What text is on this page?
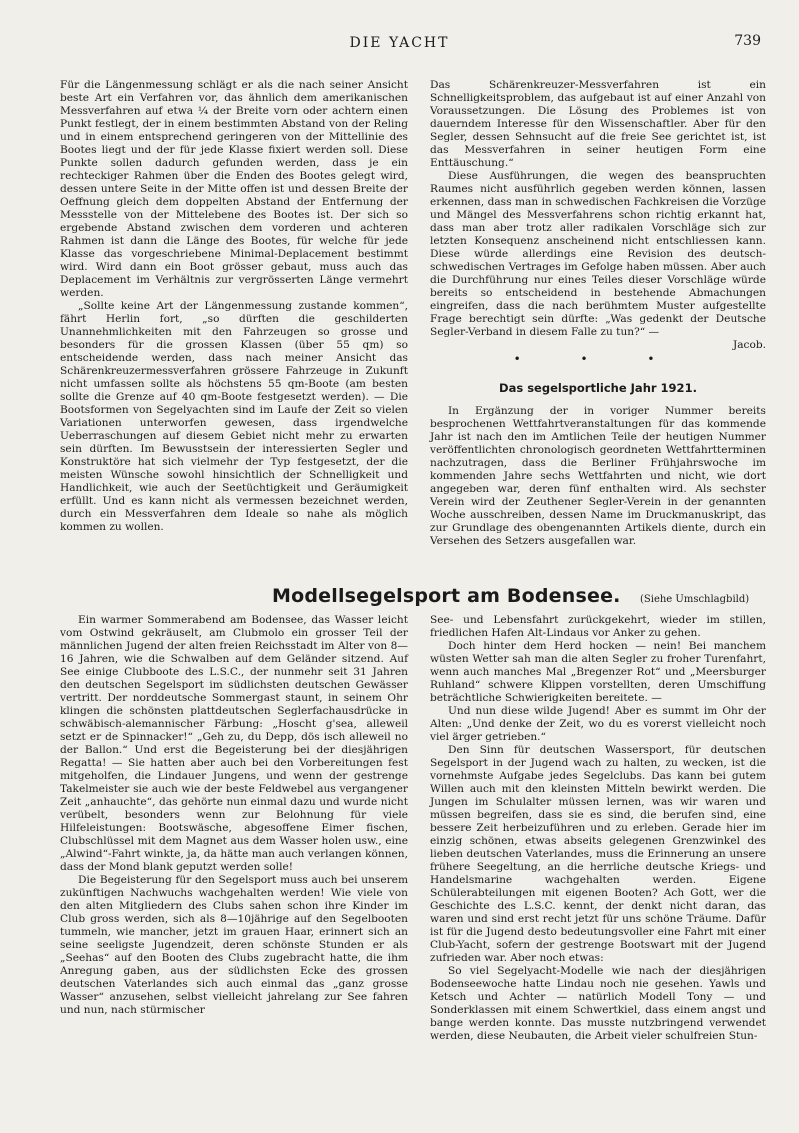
DIE YACHT	739

Für die Längenmessung schlägt er als die nach seiner Ansicht beste Art ein Verfahren vor, das ähnlich dem amerikanischen Messverfahren auf etwa ¼ der Breite vorn oder achtern einen Punkt festlegt, der in einem bestimmten Abstand von der Reling und in einem entsprechend geringeren von der Mittellinie des Bootes liegt und der für jede Klasse fixiert werden soll. Diese Punkte sollen dadurch gefunden werden, dass je ein rechteckiger Rahmen über die Enden des Bootes gelegt wird, dessen untere Seite in der Mitte offen ist und dessen Breite der Oeffnung gleich dem doppelten Abstand der Entfernung der Messstelle von der Mittelebene des Bootes ist. Der sich so ergebende Abstand zwischen dem vorderen und achteren Rahmen ist dann die Länge des Bootes, für welche für jede Klasse das vorgeschriebene Minimal-Deplacement bestimmt wird. Wird dann ein Boot grösser gebaut, muss auch das Deplacement im Verhältnis zur vergrösserten Länge vermehrt werden.

„Sollte keine Art der Längenmessung zustande kommen“, fährt Herlin fort, „so dürften die geschilderten Unannehmlichkeiten mit den Fahrzeugen so grosse und besonders für die grossen Klassen (über 55 qm) so entscheidende werden, dass nach meiner Ansicht das Schärenkreuzermessverfahren grössere Fahrzeuge in Zukunft nicht umfassen sollte als höchstens 55 qm-Boote (am besten sollte die Grenze auf 40 qm-Boote festgesetzt werden). — Die Bootsformen von Segelyachten sind im Laufe der Zeit so vielen Variationen unterworfen gewesen, dass irgendwelche Ueberraschungen auf diesem Gebiet nicht mehr zu erwarten sein dürften. Im Bewusstsein der interessierten Segler und Konstruktöre hat sich vielmehr der Typ festgesetzt, der die meisten Wünsche sowohl hinsichtlich der Schnelligkeit und Handlichkeit, wie auch der Seetüchtigkeit und Geräumigkeit erfüllt. Und es kann nicht als vermessen bezeichnet werden, durch ein Messverfahren dem Ideale so nahe als möglich kommen zu wollen.

Das Schärenkreuzer-Messverfahren ist ein Schnelligkeitsproblem, das aufgebaut ist auf einer Anzahl von Voraussetzungen. Die Lösung des Problemes ist von dauerndem Interesse für den Wissenschaftler. Aber für den Segler, dessen Sehnsucht auf die freie See gerichtet ist, ist das Messverfahren in seiner heutigen Form eine Enttäuschung.“

Diese Ausführungen, die wegen des beanspruchten Raumes nicht ausführlich gegeben werden können, lassen erkennen, dass man in schwedischen Fachkreisen die Vorzüge und Mängel des Messverfahrens schon richtig erkannt hat, dass man aber trotz aller radikalen Vorschläge sich zur letzten Konsequenz anscheinend nicht entschliessen kann. Diese würde allerdings eine Revision des deutsch-schwedischen Vertrages im Gefolge haben müssen. Aber auch die Durchführung nur eines Teiles dieser Vorschläge würde bereits so entscheidend in bestehende Abmachungen eingreifen, dass die nach berühmtem Muster aufgestellte Frage berechtigt sein dürfte: „Was gedenkt der Deutsche Segler-Verband in diesem Falle zu tun?“ —

Jacob.
• • •
Das segelsportliche Jahr 1921.

In Ergänzung der in voriger Nummer bereits besprochenen Wettfahrtveranstaltungen für das kommende Jahr ist nach den im Amtlichen Teile der heutigen Nummer veröffentlichten chronologisch geordneten Wettfahrtterminen nachzutragen, dass die Berliner Frühjahrswoche im kommenden Jahre sechs Wettfahrten und nicht, wie dort angegeben war, deren fünf enthalten wird. Als sechster Verein wird der Zeuthener Segler-Verein in der genannten Woche ausschreiben, dessen Name im Druckmanuskript, das zur Grundlage des obengenannten Artikels diente, durch ein Versehen des Setzers ausgefallen war.

Modellsegelsport am Bodensee. (Siehe Umschlagbild)

Ein warmer Sommerabend am Bodensee, das Wasser leicht vom Ostwind gekräuselt, am Clubmolo ein grosser Teil der männlichen Jugend der alten freien Reichsstadt im Alter von 8—16 Jahren, wie die Schwalben auf dem Geländer sitzend. Auf See einige Clubboote des L.S.C., der nunmehr seit 31 Jahren den deutschen Segelsport im südlichsten deutschen Gewässer vertritt. Der norddeutsche Sommergast staunt, in seinem Ohr klingen die schönsten plattdeutschen Seglerfachausdrücke in schwäbisch-alemannischer Färbung: „Hoscht g'sea, alleweil setzt er de Spinnacker!“ „Geh zu, du Depp, dös isch alleweil no der Ballon.“ Und erst die Begeisterung bei der diesjährigen Regatta! — Sie hatten aber auch bei den Vorbereitungen fest mitgeholfen, die Lindauer Jungens, und wenn der gestrenge Takelmeister sie auch wie der beste Feldwebel aus vergangener Zeit „anhauchte“, das gehörte nun einmal dazu und wurde nicht verübelt, besonders wenn zur Belohnung für viele Hilfeleistungen: Bootswäsche, abgesoffene Eimer fischen, Clubschlüssel mit dem Magnet aus dem Wasser holen usw., eine „Alwind“-Fahrt winkte, ja, da hätte man auch verlangen können, dass der Mond blank geputzt werden solle!

Die Begeisterung für den Segelsport muss auch bei unserem zukünftigen Nachwuchs wachgehalten werden! Wie viele von den alten Mitgliedern des Clubs sahen schon ihre Kinder im Club gross werden, sich als 8—10jährige auf den Segelbooten tummeln, wie mancher, jetzt im grauen Haar, erinnert sich an seine seeligste Jugendzeit, deren schönste Stunden er als „Seehas“ auf den Booten des Clubs zugebracht hatte, die ihm Anregung gaben, aus der südlichsten Ecke des grossen deutschen Vaterlandes sich auch einmal das „ganz grosse Wasser“ anzusehen, selbst vielleicht jahrelang zur See fahren und nun, nach stürmischer

See- und Lebensfahrt zurückgekehrt, wieder im stillen, friedlichen Hafen Alt-Lindaus vor Anker zu gehen.

Doch hinter dem Herd hocken — nein! Bei manchem wüsten Wetter sah man die alten Segler zu froher Turenfahrt, wenn auch manches Mal „Bregenzer Rot“ und „Meersburger Ruhland“ schwere Klippen vorstellten, deren Umschiffung beträchtliche Schwierigkeiten bereitete. —

Und nun diese wilde Jugend! Aber es summt im Ohr der Alten: „Und denke der Zeit, wo du es vorerst vielleicht noch viel ärger getrieben.“

Den Sinn für deutschen Wassersport, für deutschen Segelsport in der Jugend wach zu halten, zu wecken, ist die vornehmste Aufgabe jedes Segelclubs. Das kann bei gutem Willen auch mit den kleinsten Mitteln bewirkt werden. Die Jungen im Schulalter müssen lernen, was wir waren und müssen begreifen, dass sie es sind, die berufen sind, eine bessere Zeit herbeizuführen und zu erleben. Gerade hier im einzig schönen, etwas abseits gelegenen Grenzwinkel des lieben deutschen Vaterlandes, muss die Erinnerung an unsere frühere Seegeltung, an die herrliche deutsche Kriegs- und Handelsmarine wachgehalten werden. Eigene Schülerabteilungen mit eigenen Booten? Ach Gott, wer die Geschichte des L.S.C. kennt, der denkt nicht daran, das waren und sind erst recht jetzt für uns schöne Träume. Dafür ist für die Jugend desto bedeutungsvoller eine Fahrt mit einer Club-Yacht, sofern der gestrenge Bootswart mit der Jugend zufrieden war. Aber noch etwas:

So viel Segelyacht-Modelle wie nach der diesjährigen Bodenseewoche hatte Lindau noch nie gesehen. Yawls und Ketsch und Achter — natürlich Modell Tony — und Sonderklassen mit einem Schwertkiel, dass einem angst und bange werden konnte. Das musste nutzbringend verwendet werden, diese Neubauten, die Arbeit vieler schulfreien Stun-
